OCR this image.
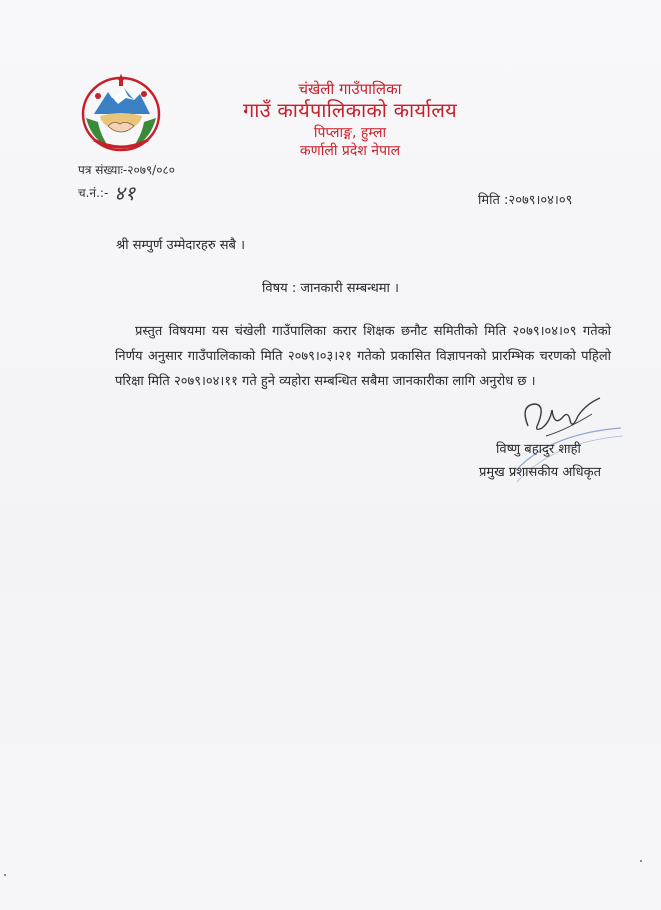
चंखेली गाउँपालिका
गाउँ कार्यपालिकाको कार्यालय
पिप्लाङ्ग, हुम्ला
कर्णाली प्रदेश नेपाल
पत्र संख्याः-२०७९/०८०
च.नं.:- ४१	मिति :२०७९।०४।०९
श्री सम्पुर्ण उम्मेदारहरु सबै ।
विषय : जानकारी सम्बन्धमा ।
प्रस्तुत विषयमा यस चंखेली गाउँपालिका करार शिक्षक छनौट समितीको मिति २०७९।०४।०९ गतेको निर्णय अनुसार गाउँपालिकाको मिति २०७९।०३।२१ गतेको प्रकासित विज्ञापनको प्रारम्भिक चरणको पहिलो परिक्षा मिति २०७९।०४।११ गते हुने व्यहोरा सम्बन्धित सबैमा जानकारीका लागि अनुरोध छ ।
विष्णु बहादुर शाही
प्रमुख प्रशासकीय अधिकृत
